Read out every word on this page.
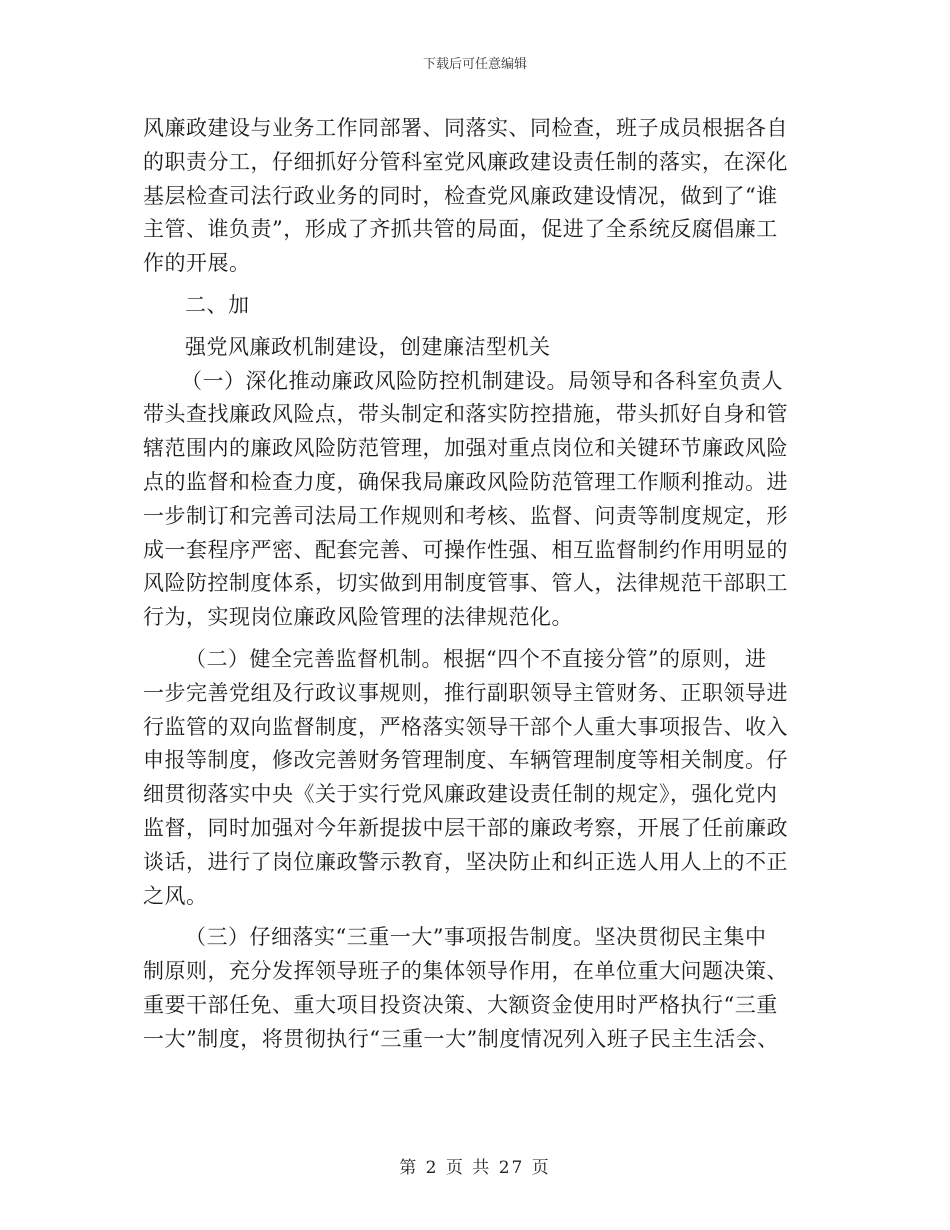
下载后可任意编辑
风廉政建设与业务工作同部署、同落实、同检查，班子成员根据各自
的职责分工，仔细抓好分管科室党风廉政建设责任制的落实，在深化
基层检查司法行政业务的同时，检查党风廉政建设情况，做到了“谁
主管、谁负责”，形成了齐抓共管的局面，促进了全系统反腐倡廉工
作的开展。
二、加
强党风廉政机制建设，创建廉洁型机关
（一）深化推动廉政风险防控机制建设。局领导和各科室负责人
带头查找廉政风险点，带头制定和落实防控措施，带头抓好自身和管
辖范围内的廉政风险防范管理，加强对重点岗位和关键环节廉政风险
点的监督和检查力度，确保我局廉政风险防范管理工作顺利推动。进
一步制订和完善司法局工作规则和考核、监督、问责等制度规定，形
成一套程序严密、配套完善、可操作性强、相互监督制约作用明显的
风险防控制度体系，切实做到用制度管事、管人，法律规范干部职工
行为，实现岗位廉政风险管理的法律规范化。
（二）健全完善监督机制。根据“四个不直接分管”的原则，进
一步完善党组及行政议事规则，推行副职领导主管财务、正职领导进
行监管的双向监督制度，严格落实领导干部个人重大事项报告、收入
申报等制度，修改完善财务管理制度、车辆管理制度等相关制度。仔
细贯彻落实中央《关于实行党风廉政建设责任制的规定》，强化党内
监督，同时加强对今年新提拔中层干部的廉政考察，开展了任前廉政
谈话，进行了岗位廉政警示教育，坚决防止和纠正选人用人上的不正
之风。
（三）仔细落实“三重一大”事项报告制度。坚决贯彻民主集中
制原则，充分发挥领导班子的集体领导作用，在单位重大问题决策、
重要干部任免、重大项目投资决策、大额资金使用时严格执行“三重
一大”制度，将贯彻执行“三重一大”制度情况列入班子民主生活会、
第 2 页 共 27 页
